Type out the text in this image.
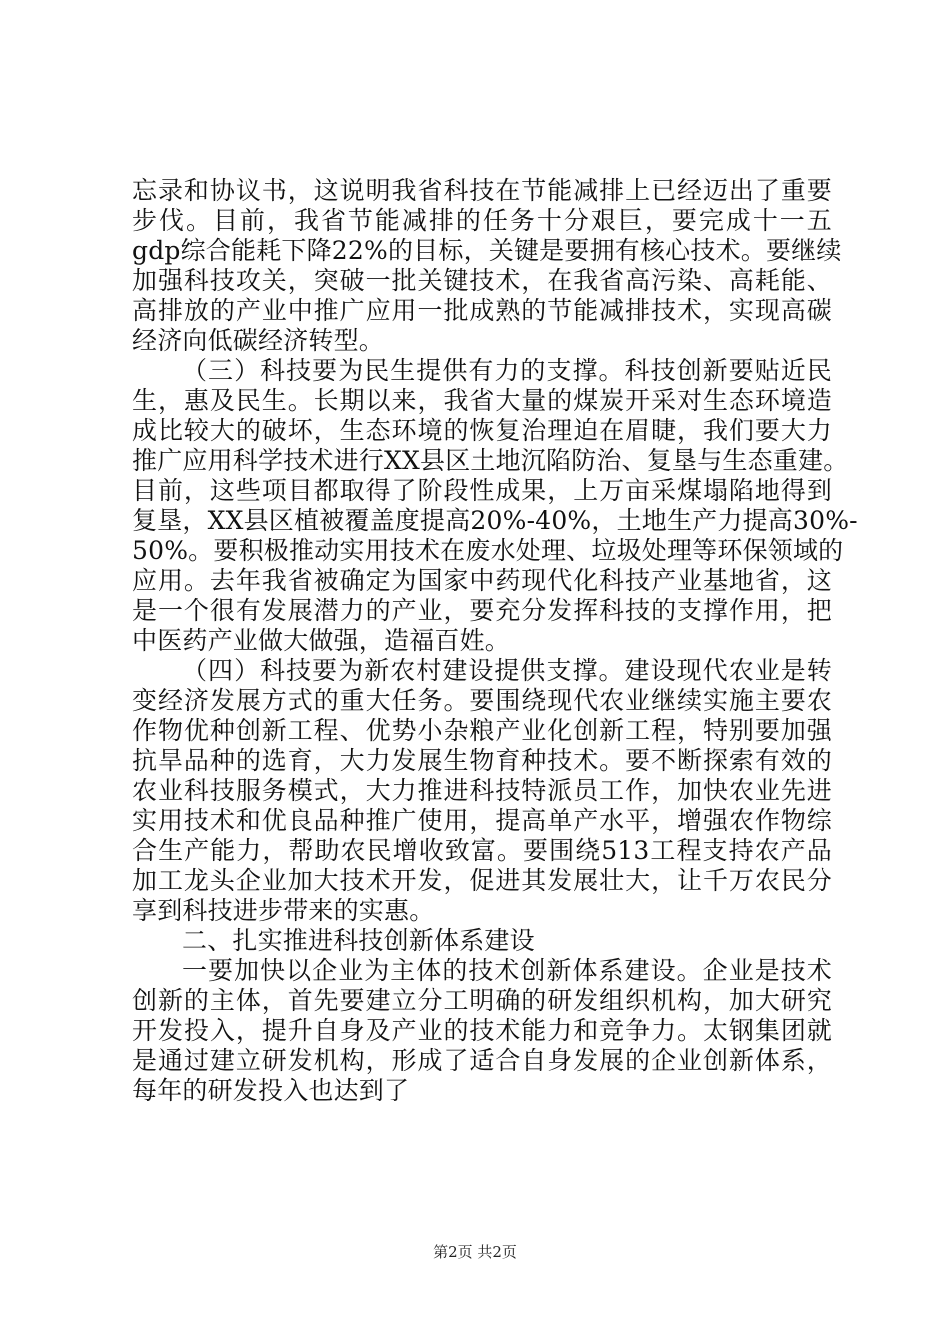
忘录和协议书，这说明我省科技在节能减排上已经迈出了重要
步伐。目前，我省节能减排的任务十分艰巨，要完成十一五
gdp综合能耗下降22%的目标，关键是要拥有核心技术。要继续
加强科技攻关，突破一批关键技术，在我省高污染、高耗能、
高排放的产业中推广应用一批成熟的节能减排技术，实现高碳
经济向低碳经济转型。
（三）科技要为民生提供有力的支撑。科技创新要贴近民
生，惠及民生。长期以来，我省大量的煤炭开采对生态环境造
成比较大的破坏，生态环境的恢复治理迫在眉睫，我们要大力
推广应用科学技术进行XX县区土地沉陷防治、复垦与生态重建。
目前，这些项目都取得了阶段性成果，上万亩采煤塌陷地得到
复垦，XX县区植被覆盖度提高20%-40%，土地生产力提高30%-
50%。要积极推动实用技术在废水处理、垃圾处理等环保领域的
应用。去年我省被确定为国家中药现代化科技产业基地省，这
是一个很有发展潜力的产业，要充分发挥科技的支撑作用，把
中医药产业做大做强，造福百姓。
（四）科技要为新农村建设提供支撑。建设现代农业是转
变经济发展方式的重大任务。要围绕现代农业继续实施主要农
作物优种创新工程、优势小杂粮产业化创新工程，特别要加强
抗旱品种的选育，大力发展生物育种技术。要不断探索有效的
农业科技服务模式，大力推进科技特派员工作，加快农业先进
实用技术和优良品种推广使用，提高单产水平，增强农作物综
合生产能力，帮助农民增收致富。要围绕513工程支持农产品
加工龙头企业加大技术开发，促进其发展壮大，让千万农民分
享到科技进步带来的实惠。
二、扎实推进科技创新体系建设
一要加快以企业为主体的技术创新体系建设。企业是技术
创新的主体，首先要建立分工明确的研发组织机构，加大研究
开发投入，提升自身及产业的技术能力和竞争力。太钢集团就
是通过建立研发机构，形成了适合自身发展的企业创新体系，
每年的研发投入也达到了
第2页 共2页
